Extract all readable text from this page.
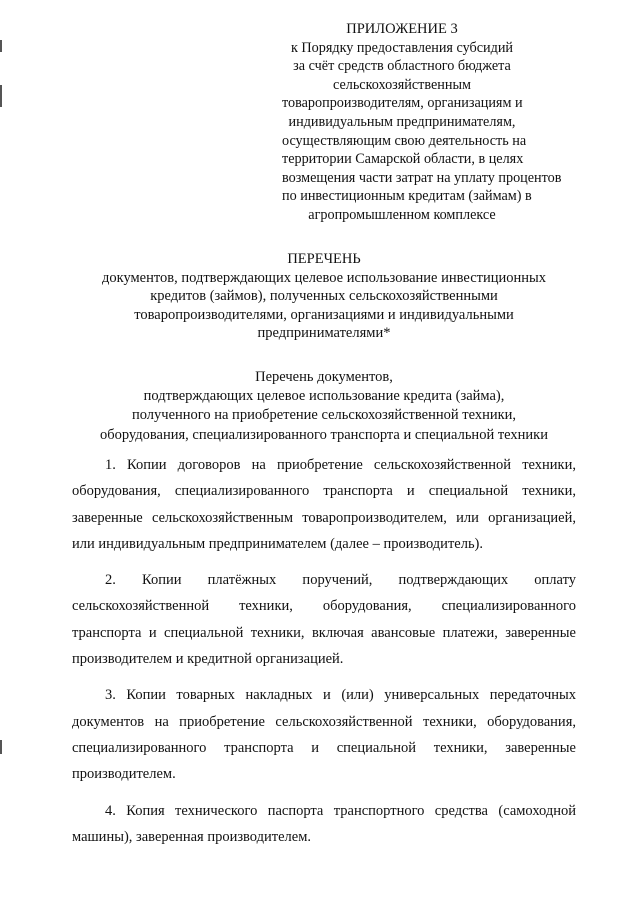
ПРИЛОЖЕНИЕ 3
к Порядку предоставления субсидий
за счёт средств областного бюджета
сельскохозяйственным
товаропроизводителям, организациям и
индивидуальным предпринимателям,
осуществляющим свою деятельность на
территории Самарской области, в целях
возмещения части затрат на уплату процентов
по инвестиционным кредитам (займам) в
агропромышленном комплексе
ПЕРЕЧЕНЬ
документов, подтверждающих целевое использование инвестиционных
кредитов (займов), полученных сельскохозяйственными
товаропроизводителями, организациями и индивидуальными
предпринимателями*
Перечень документов,
подтверждающих целевое использование кредита (займа),
полученного на приобретение сельскохозяйственной техники,
оборудования, специализированного транспорта и специальной техники
1. Копии договоров на приобретение сельскохозяйственной техники,
оборудования, специализированного транспорта и специальной техники,
заверенные сельскохозяйственным товаропроизводителем, или организацией,
или индивидуальным предпринимателем (далее – производитель).
2. Копии платёжных поручений, подтверждающих оплату
сельскохозяйственной техники, оборудования, специализированного
транспорта и специальной техники, включая авансовые платежи, заверенные
производителем и кредитной организацией.
3. Копии товарных накладных и (или) универсальных передаточных
документов на приобретение сельскохозяйственной техники, оборудования,
специализированного транспорта и специальной техники, заверенные
производителем.
4. Копия технического паспорта транспортного средства (самоходной
машины), заверенная производителем.
